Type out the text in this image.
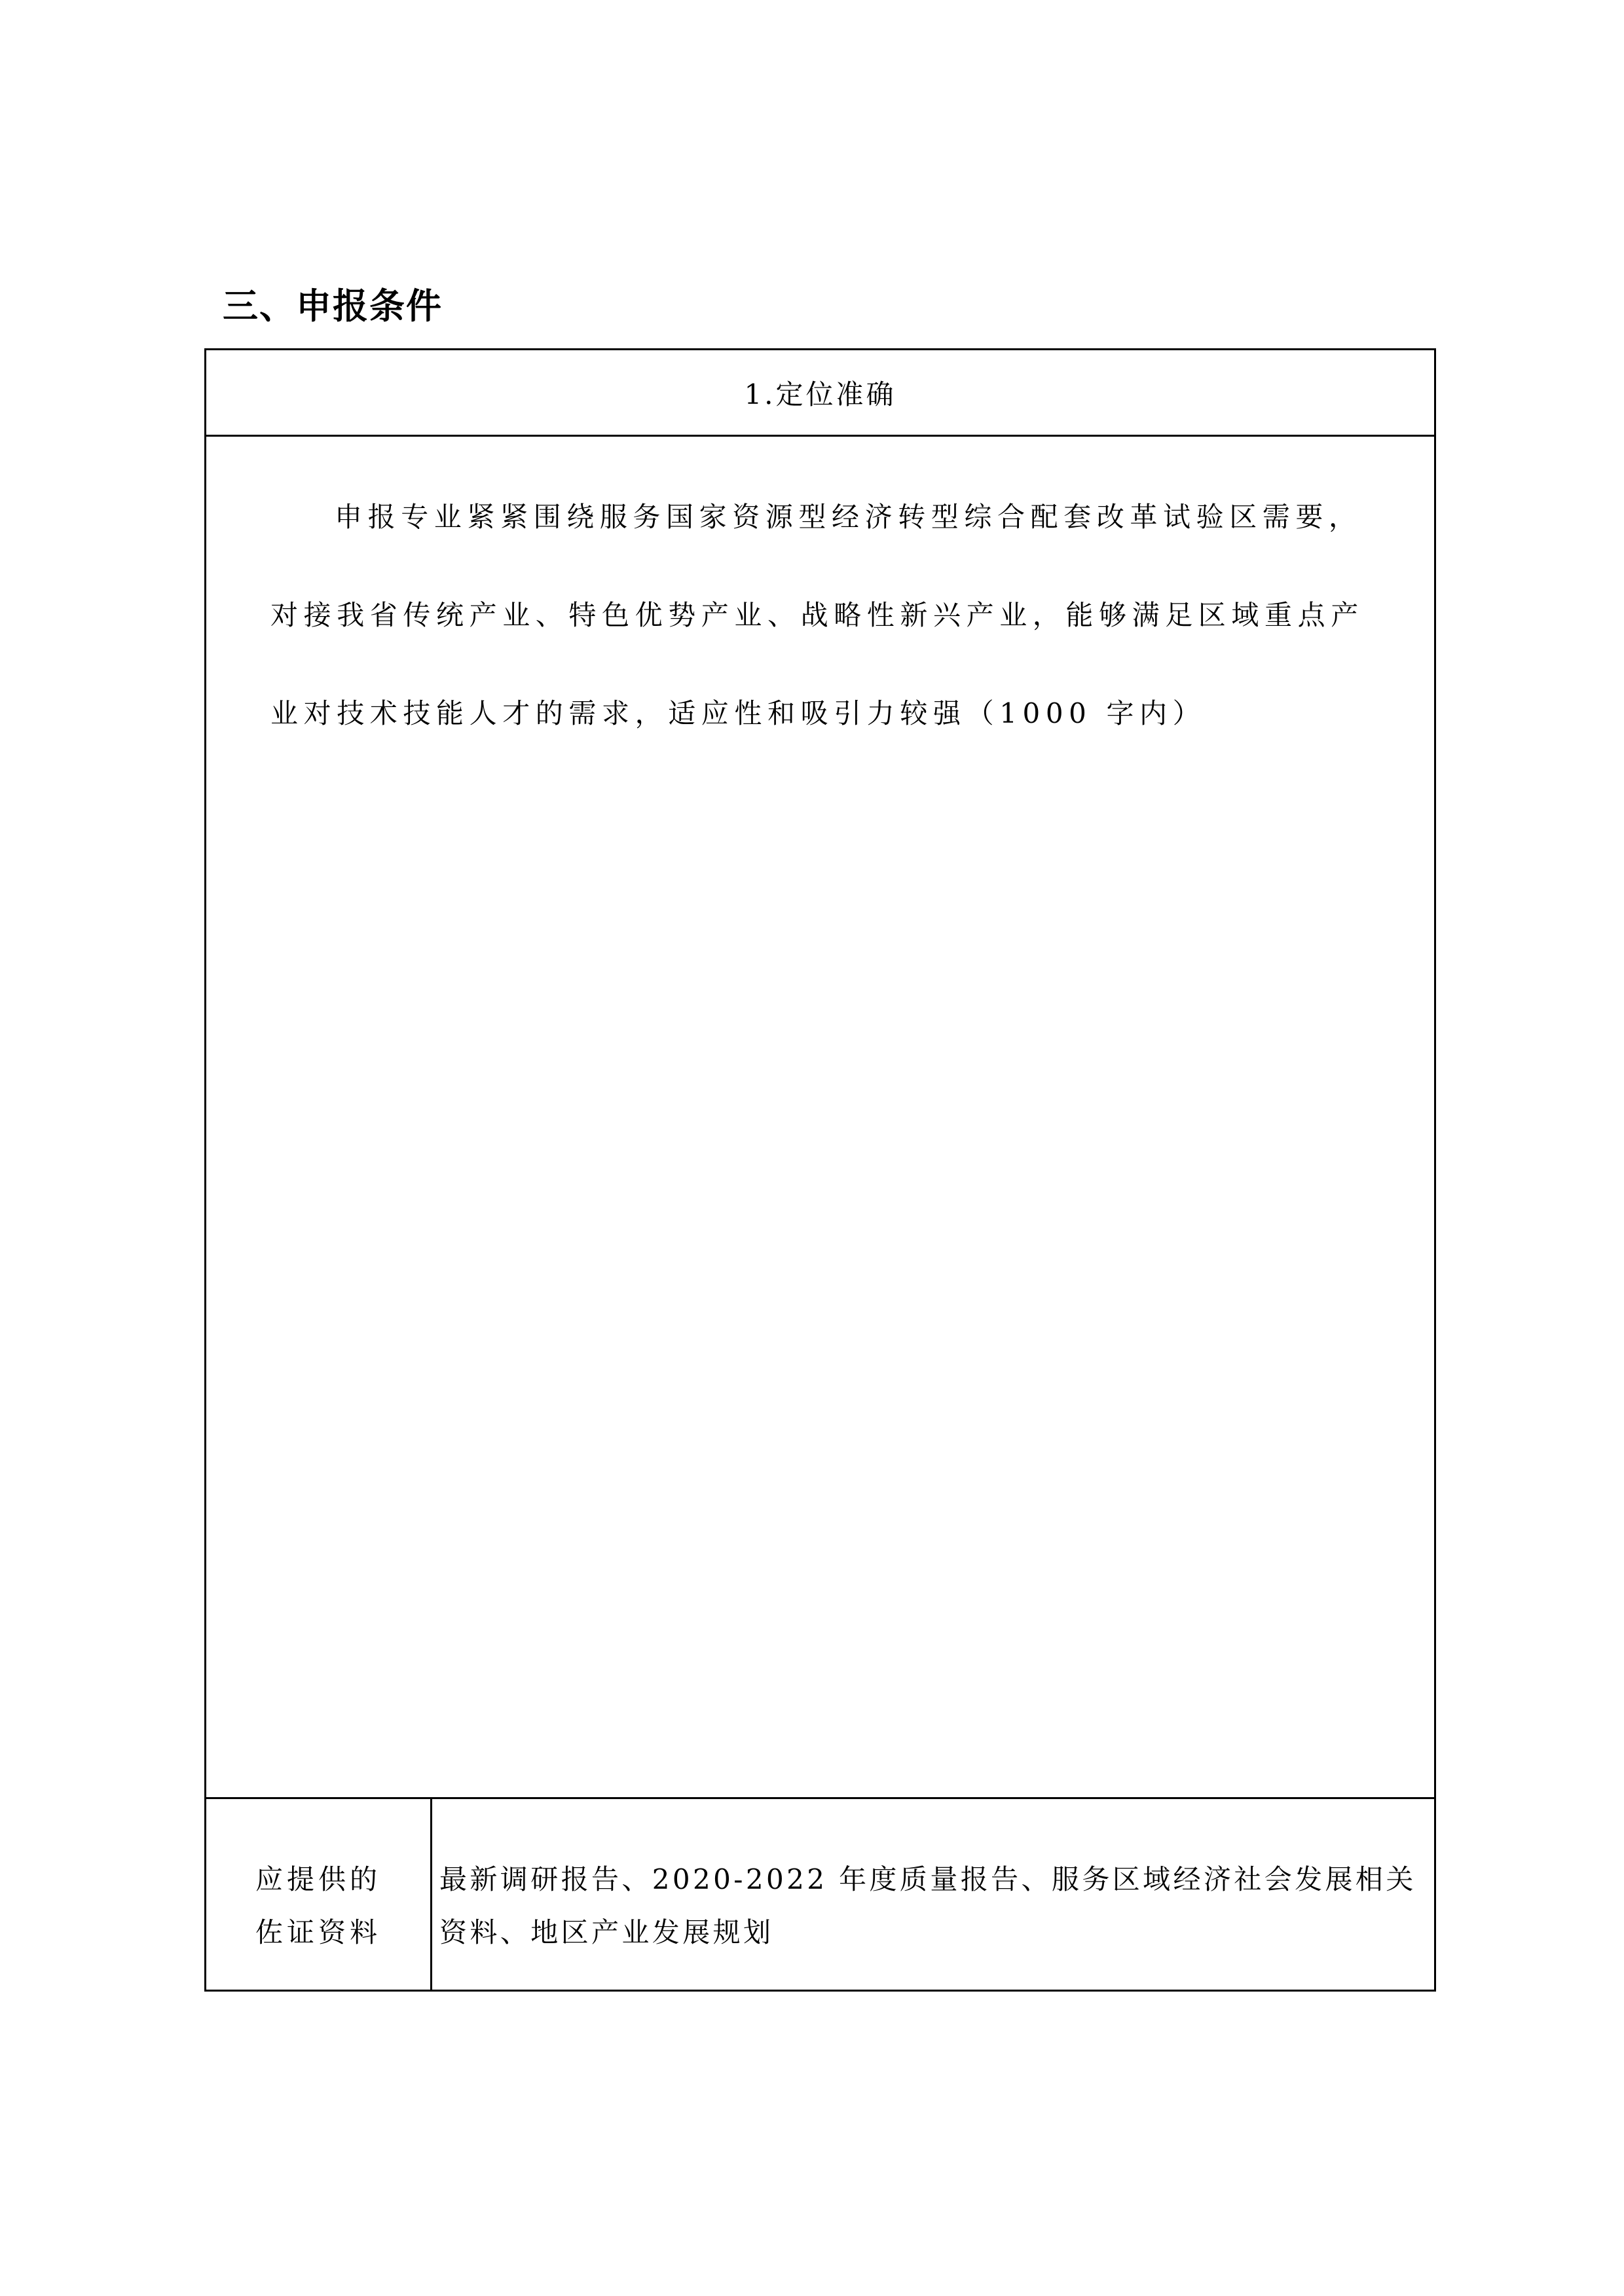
三、申报条件
1.定位准确
申报专业紧紧围绕服务国家资源型经济转型综合配套改革试验区需要，对接我省传统产业、特色优势产业、战略性新兴产业，能够满足区域重点产业对技术技能人才的需求，适应性和吸引力较强（1000 字内）
应提供的
佐证资料
最新调研报告、2020-2022 年度质量报告、服务区域经济社会发展相关资料、地区产业发展规划
